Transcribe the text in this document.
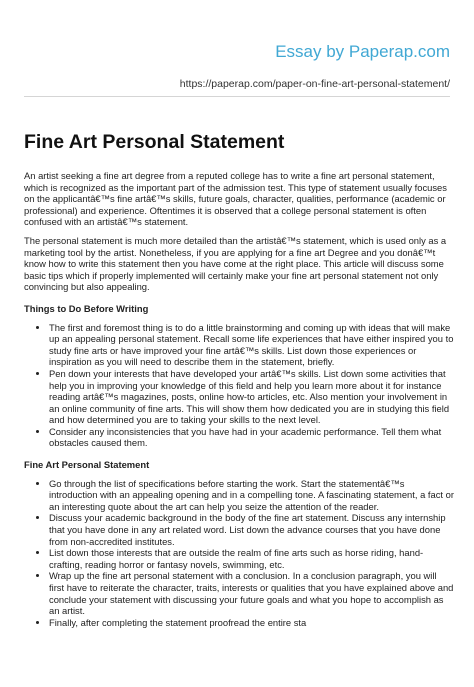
Essay by Paperap.com
https://paperap.com/paper-on-fine-art-personal-statement/
Fine Art Personal Statement

An artist seeking a fine art degree from a reputed college has to write a fine art personal statement, which is recognized as the important part of the admission test. This type of statement usually focuses on the applicantâ€™s fine artâ€™s skills, future goals, character, qualities, performance (academic or professional) and experience. Oftentimes it is observed that a college personal statement is often confused with an artistâ€™s statement.

The personal statement is much more detailed than the artistâ€™s statement, which is used only as a marketing tool by the artist. Nonetheless, if you are applying for a fine art Degree and you donâ€™t know how to write this statement then you have come at the right place. This article will discuss some basic tips which if properly implemented will certainly make your fine art personal statement not only convincing but also appealing.

Things to Do Before Writing
• The first and foremost thing is to do a little brainstorming and coming up with ideas that will make up an appealing personal statement. Recall some life experiences that have either inspired you to study fine arts or have improved your fine artâ€™s skills. List down those experiences or inspiration as you will need to describe them in the statement, briefly.
• Pen down your interests that have developed your artâ€™s skills. List down some activities that help you in improving your knowledge of this field and help you learn more about it for instance reading artâ€™s magazines, posts, online how-to articles, etc. Also mention your involvement in an online community of fine arts. This will show them how dedicated you are in studying this field and how determined you are to taking your skills to the next level.
• Consider any inconsistencies that you have had in your academic performance. Tell them what obstacles caused them.
Fine Art Personal Statement
• Go through the list of specifications before starting the work. Start the statementâ€™s introduction with an appealing opening and in a compelling tone. A fascinating statement, a fact or an interesting quote about the art can help you seize the attention of the reader.
• Discuss your academic background in the body of the fine art statement. Discuss any internship that you have done in any art related word. List down the advance courses that you have done from non-accredited institutes.
• List down those interests that are outside the realm of fine arts such as horse riding, hand-crafting, reading horror or fantasy novels, swimming, etc.
• Wrap up the fine art personal statement with a conclusion. In a conclusion paragraph, you will first have to reiterate the character, traits, interests or qualities that you have explained above and conclude your statement with discussing your future goals and what you hope to accomplish as an artist.
• Finally, after completing the statement proofread the entire sta
